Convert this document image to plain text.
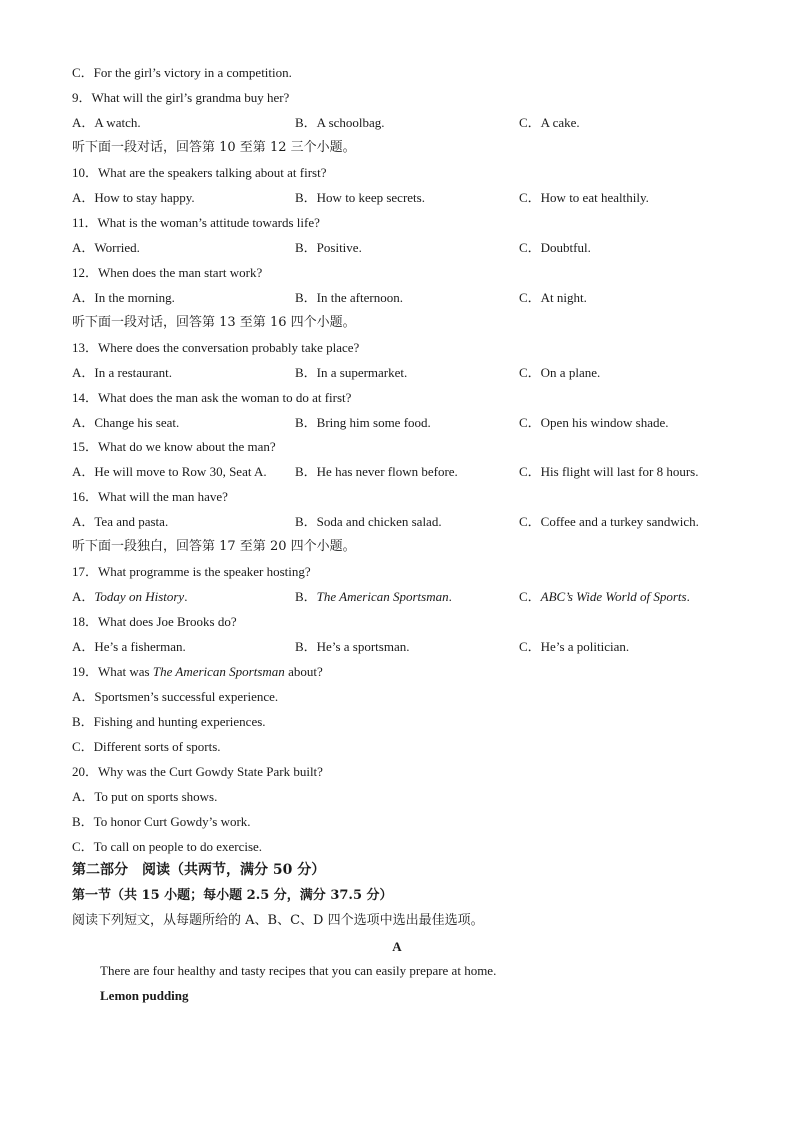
C．For the girl’s victory in a competition.
9．What will the girl’s grandma buy her?
A．A watch.	B．A schoolbag.	C．A cake.
听下面一段对话，回答第 10 至第 12 三个小题。
10．What are the speakers talking about at first?
A．How to stay happy.	B．How to keep secrets.	C．How to eat healthily.
11．What is the woman’s attitude towards life?
A．Worried.	B．Positive.	C．Doubtful.
12．When does the man start work?
A．In the morning.	B．In the afternoon.	C．At night.
听下面一段对话，回答第 13 至第 16 四个小题。
13．Where does the conversation probably take place?
A．In a restaurant.	B．In a supermarket.	C．On a plane.
14．What does the man ask the woman to do at first?
A．Change his seat.	B．Bring him some food.	C．Open his window shade.
15．What do we know about the man?
A．He will move to Row 30, Seat A. B．He has never flown before.	C．His flight will last for 8 hours.
16．What will the man have?
A．Tea and pasta.	B．Soda and chicken salad.	C．Coffee and a turkey sandwich.
听下面一段独白，回答第 17 至第 20 四个小题。
17．What programme is the speaker hosting?
A．Today on History.	B．The American Sportsman.	C．ABC’s Wide World of Sports.
18．What does Joe Brooks do?
A．He’s a fisherman.	B．He’s a sportsman.	C．He’s a politician.
19．What was The American Sportsman about?
A．Sportsmen’s successful experience.
B．Fishing and hunting experiences.
C．Different sorts of sports.
20．Why was the Curt Gowdy State Park built?
A．To put on sports shows.
B．To honor Curt Gowdy’s work.
C．To call on people to do exercise.
第二部分　阅读（共两节，满分 50 分）
第一节（共 15 小题；每小题 2.5 分，满分 37.5 分）
阅读下列短文，从每题所给的 A、B、C、D 四个选项中选出最佳选项。
A
There are four healthy and tasty recipes that you can easily prepare at home.
Lemon pudding
